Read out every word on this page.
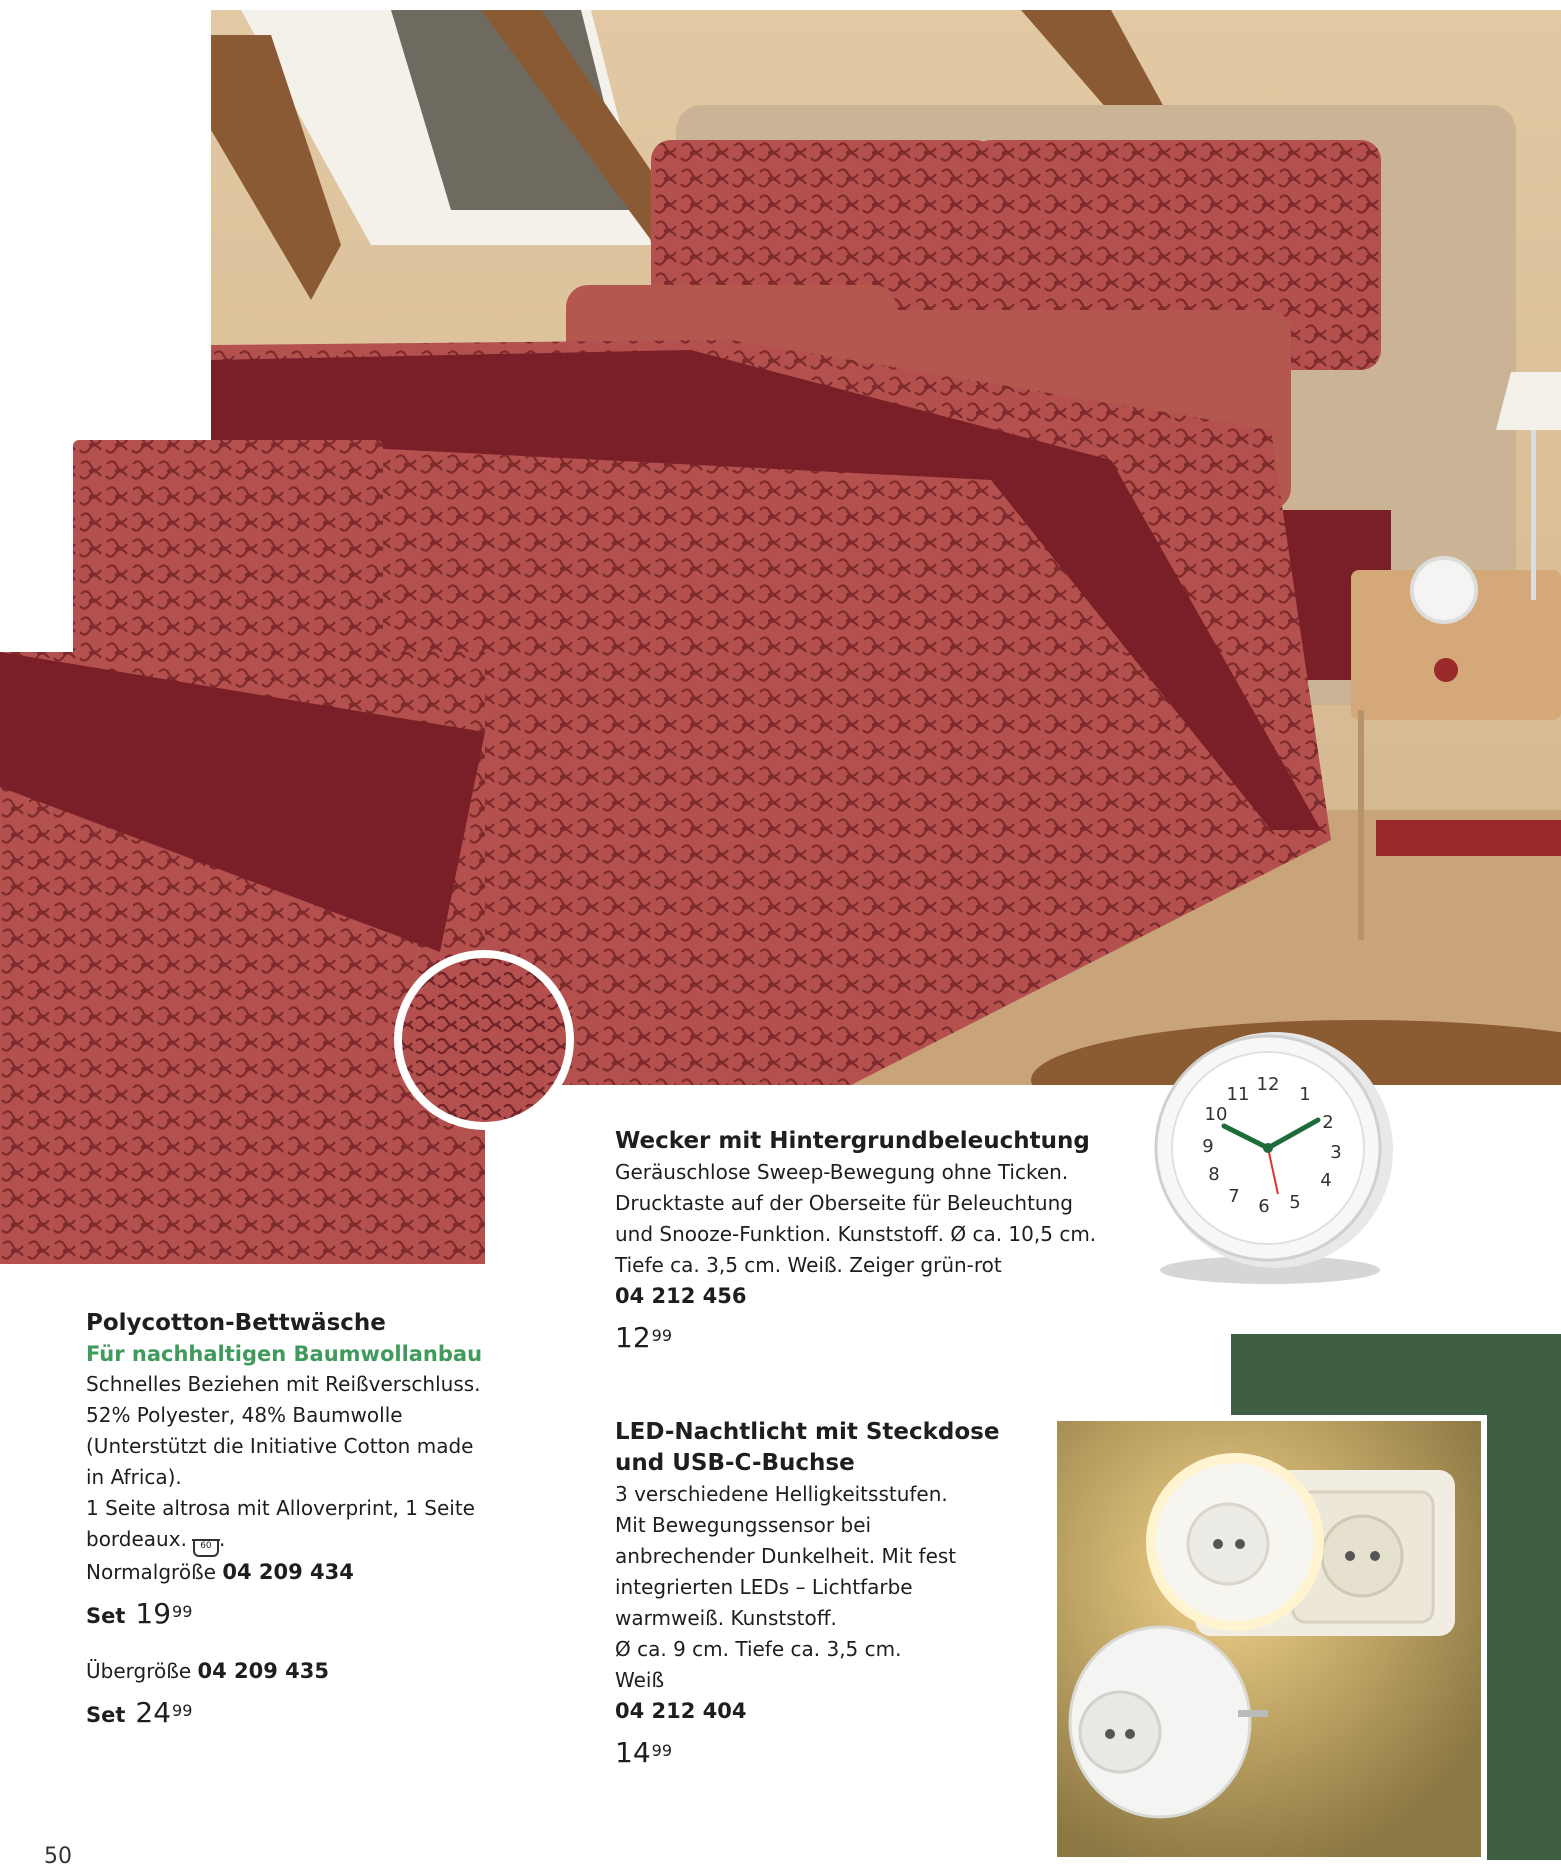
12 1
2
3
4
5
6
7
8
9
10
11

Polycotton-Bettwäsche

Für nachhaltigen Baumwollanbau

Schnelles Beziehen mit Reißverschluss.

52% Polyester, 48% Baumwolle

(Unterstützt die Initiative Cotton made

in Africa).

1 Seite altrosa mit Alloverprint, 1 Seite

bordeaux. 60 .

Normalgröße 04 209 434

Set $19^{99}$

Übergröße 04 209 435

Set $24^{99}$

Wecker mit Hintergrundbeleuchtung

Geräuschlose Sweep-Bewegung ohne Ticken.

Drucktaste auf der Oberseite für Beleuchtung

und Snooze-Funktion. Kunststoff. Ø ca. 10,5 cm.

Tiefe ca. 3,5 cm. Weiß. Zeiger grün-rot

04 212 456

$12^{99}$

LED-Nachtlicht mit Steckdose

und USB-C-Buchse

3 verschiedene Helligkeitsstufen.

Mit Bewegungssensor bei

anbrechender Dunkelheit. Mit fest

integrierten LEDs – Lichtfarbe

warmweiß. Kunststoff.

Ø ca. 9 cm. Tiefe ca. 3,5 cm.

Weiß

04 212 404

$14^{99}$
50
